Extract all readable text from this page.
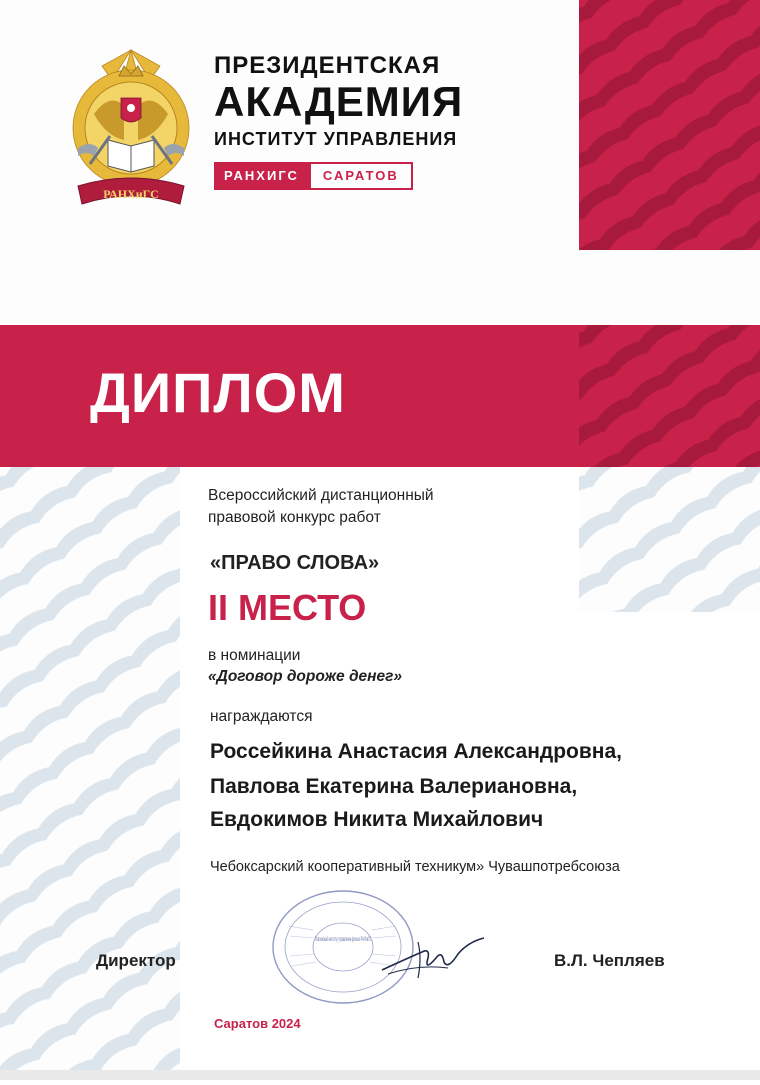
РАНХиГС
ПРЕЗИДЕНТСКАЯ
АКАДЕМИЯ
ИНСТИТУТ УПРАВЛЕНИЯ
РАНХИГС	САРАТОВ
ДИПЛОМ
Всероссийский дистанционный
правовой конкурс работ
«ПРАВО СЛОВА»
II МЕСТО
в номинации
«Договор дороже денег»
награждаются
Россейкина Анастасия Александровна,
Павлова Екатерина Валериановна,
Евдокимов Никита Михайлович
Чебоксарский кооперативный техникум» Чувашпотребсоюза
Поволжский институт управления филиал РАНХиГС
Директор	В.Л. Чепляев
Саратов 2024
